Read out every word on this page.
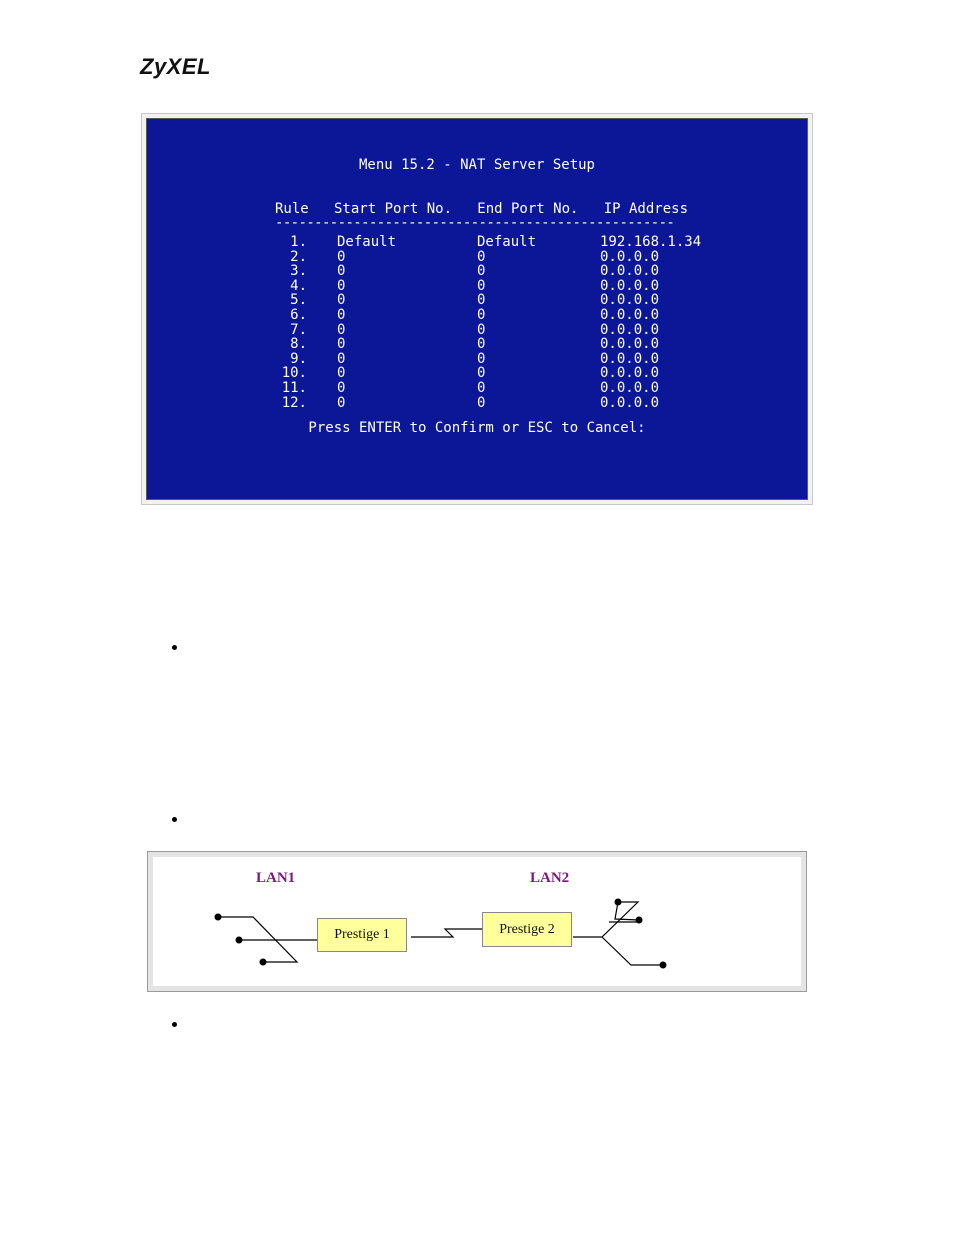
ZyXEL
Menu 15.2 - NAT Server Setup
Rule   Start Port No.   End Port No.   IP Address
---------------------------------------------------
1. Default	Default	192.168.1.34
2. 0	0	0.0.0.0
3. 0	0	0.0.0.0
4. 0	0	0.0.0.0
5. 0	0	0.0.0.0
6. 0	0	0.0.0.0
7. 0	0	0.0.0.0
8. 0	0	0.0.0.0
9. 0	0	0.0.0.0
10. 0	0	0.0.0.0
11. 0	0	0.0.0.0
12. 0	0	0.0.0.0
Press ENTER to Confirm or ESC to Cancel:
LAN1	LAN2
Prestige 1	Prestige 2
